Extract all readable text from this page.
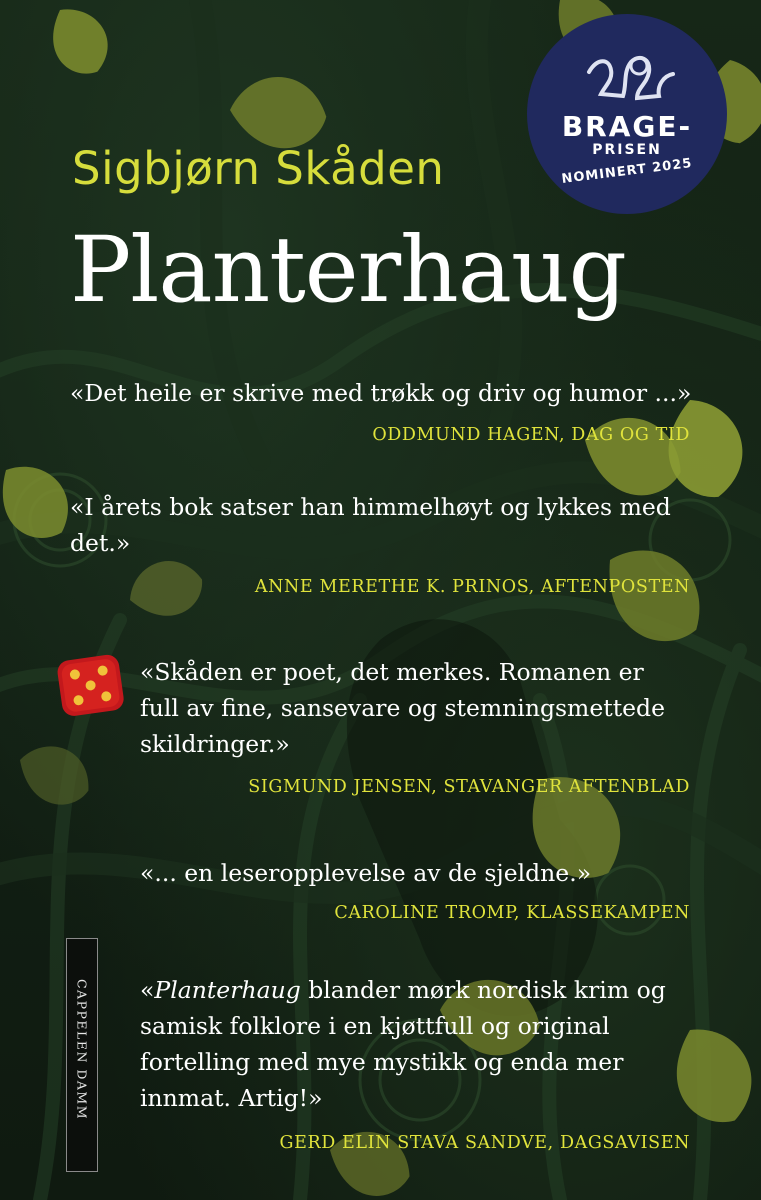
BRAGE-
PRISEN
NOMINERT 2025
Sigbjørn Skåden
Planterhaug

«Det heile er skrive med trøkk og driv og humor ...»

ODDMUND HAGEN, DAG OG TID

«I årets bok satser han himmelhøyt og lykkes med
det.»

ANNE MERETHE K. PRINOS, AFTENPOSTEN

«Skåden er poet, det merkes. Romanen er
full av fine, sansevare og stemningsmettede
skildringer.»

SIGMUND JENSEN, STAVANGER AFTENBLAD

«... en leseropplevelse av de sjeldne.»

CAROLINE TROMP, KLASSEKAMPEN

«Planterhaug blander mørk nordisk krim og
samisk folklore i en kjøttfull og original
fortelling med mye mystikk og enda mer
innmat. Artig!»

GERD ELIN STAVA SANDVE, DAGSAVISEN

CAPPELEN DAMM
